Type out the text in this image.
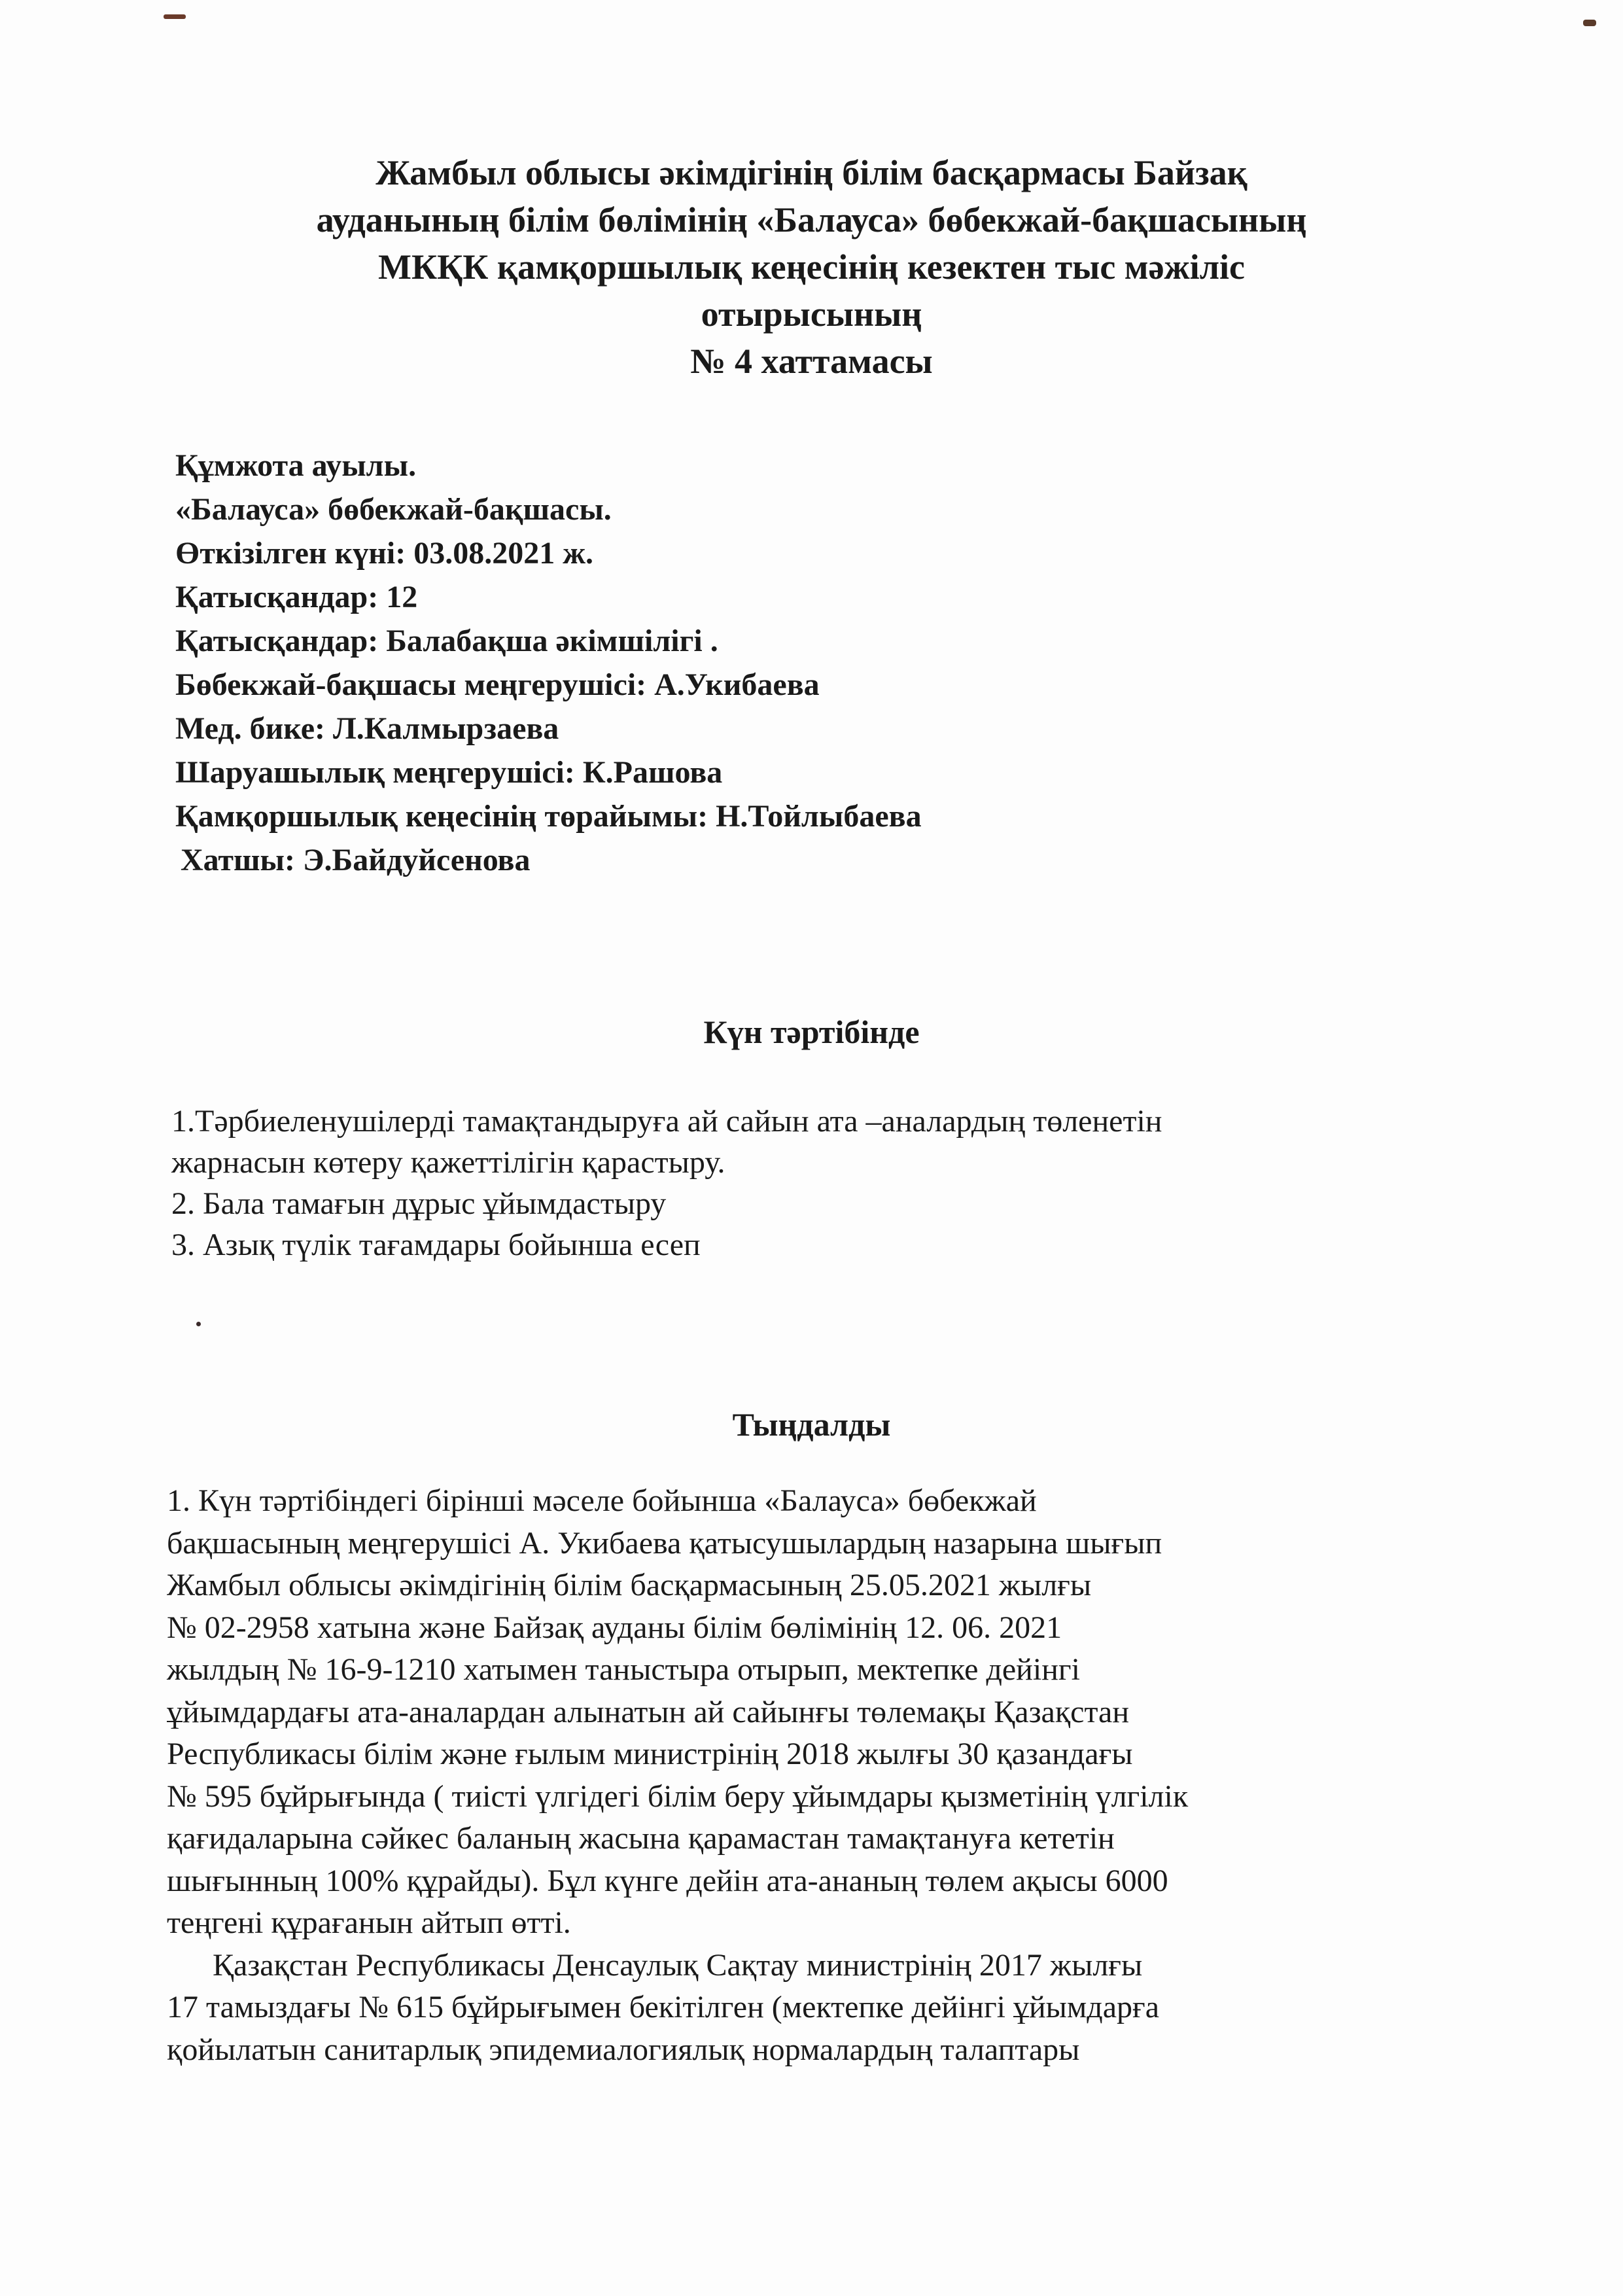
Жамбыл облысы әкімдігінің білім басқармасы Байзақ
ауданының білім бөлімінің «Балауса» бөбекжай-бақшасының
МКҚК қамқоршылық кеңесінің кезектен тыс мәжіліс
отырысының
№ 4 хаттамасы
Құмжота ауылы.
«Балауса» бөбекжай-бақшасы.
Өткізілген күні: 03.08.2021 ж.
Қатысқандар: 12
Қатысқандар: Балабақша әкімшілігі .
Бөбекжай-бақшасы меңгерушісі: А.Укибаева
Мед. бике: Л.Калмырзаева
Шаруашылық меңгерушісі: К.Рашова
Қамқоршылық кеңесінің төрайымы: Н.Тойлыбаева
Хатшы: Э.Байдуйсенова
Күн тәртібінде
1.Тәрбиеленушілерді тамақтандыруға ай сайын ата –аналардың төленетін
жарнасын көтеру қажеттілігін қарастыру.
2. Бала тамағын дұрыс ұйымдастыру
3. Азық түлік тағамдары бойынша есеп
Тыңдалды
1. Күн тәртібіндегі бірінші мәселе бойынша «Балауса» бөбекжай
бақшасының меңгерушісі А. Укибаева қатысушылардың назарына шығып
Жамбыл облысы әкімдігінің білім басқармасының 25.05.2021 жылғы
№ 02-2958 хатына және Байзақ ауданы білім бөлімінің 12. 06. 2021
жылдың № 16-9-1210 хатымен таныстыра отырып, мектепке дейінгі
ұйымдардағы ата-аналардан алынатын ай сайынғы төлемақы Қазақстан
Республикасы білім және ғылым министрінің 2018 жылғы 30 қазандағы
№ 595 бұйрығында ( тиісті үлгідегі білім беру ұйымдары қызметінің үлгілік
қағидаларына сәйкес баланың жасына қарамастан тамақтануға кететін
шығынның 100% құрайды). Бұл күнге дейін ата-ананың төлем ақысы 6000
теңгені құрағанын айтып өтті.
Қазақстан Республикасы Денсаулық Сақтау министрінің 2017 жылғы
17 тамыздағы № 615 бұйрығымен бекітілген (мектепке дейінгі ұйымдарға
қойылатын санитарлық эпидемиалогиялық нормалардың талаптары
